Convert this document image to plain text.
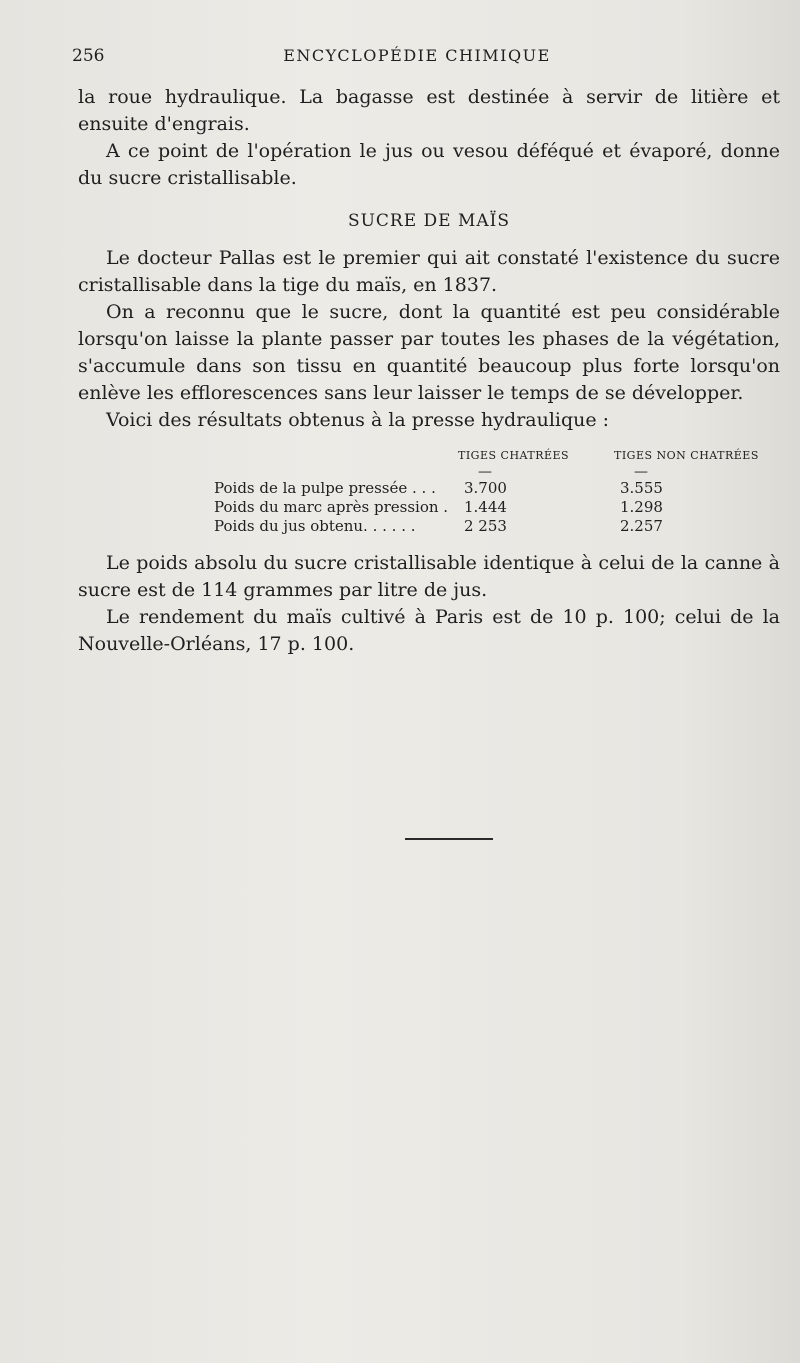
256	ENCYCLOPÉDIE CHIMIQUE

la roue hydraulique. La bagasse est destinée à servir de litière et ensuite d'engrais.

A ce point de l'opération le jus ou vesou déféqué et évaporé, donne du sucre cristallisable.

SUCRE DE MAÏS

Le docteur Pallas est le premier qui ait constaté l'existence du sucre cristallisable dans la tige du maïs, en 1837.

On a reconnu que le sucre, dont la quantité est peu considérable lorsqu'on laisse la plante passer par toutes les phases de la végétation, s'accumule dans son tissu en quantité beaucoup plus forte lorsqu'on enlève les efflorescences sans leur laisser le temps de se développer.

Voici des résultats obtenus à la presse hydraulique :

	TIGES CHATRÉES	TIGES NON CHATRÉES
	—	—
Poids de la pulpe pressée . . .	3.700	3.555
Poids du marc après pression .	1.444	1.298
Poids du jus obtenu. . . . . .	2 253	2.257

Le poids absolu du sucre cristallisable identique à celui de la canne à sucre est de 114 grammes par litre de jus.

Le rendement du maïs cultivé à Paris est de 10 p. 100; celui de la Nouvelle-Orléans, 17 p. 100.
